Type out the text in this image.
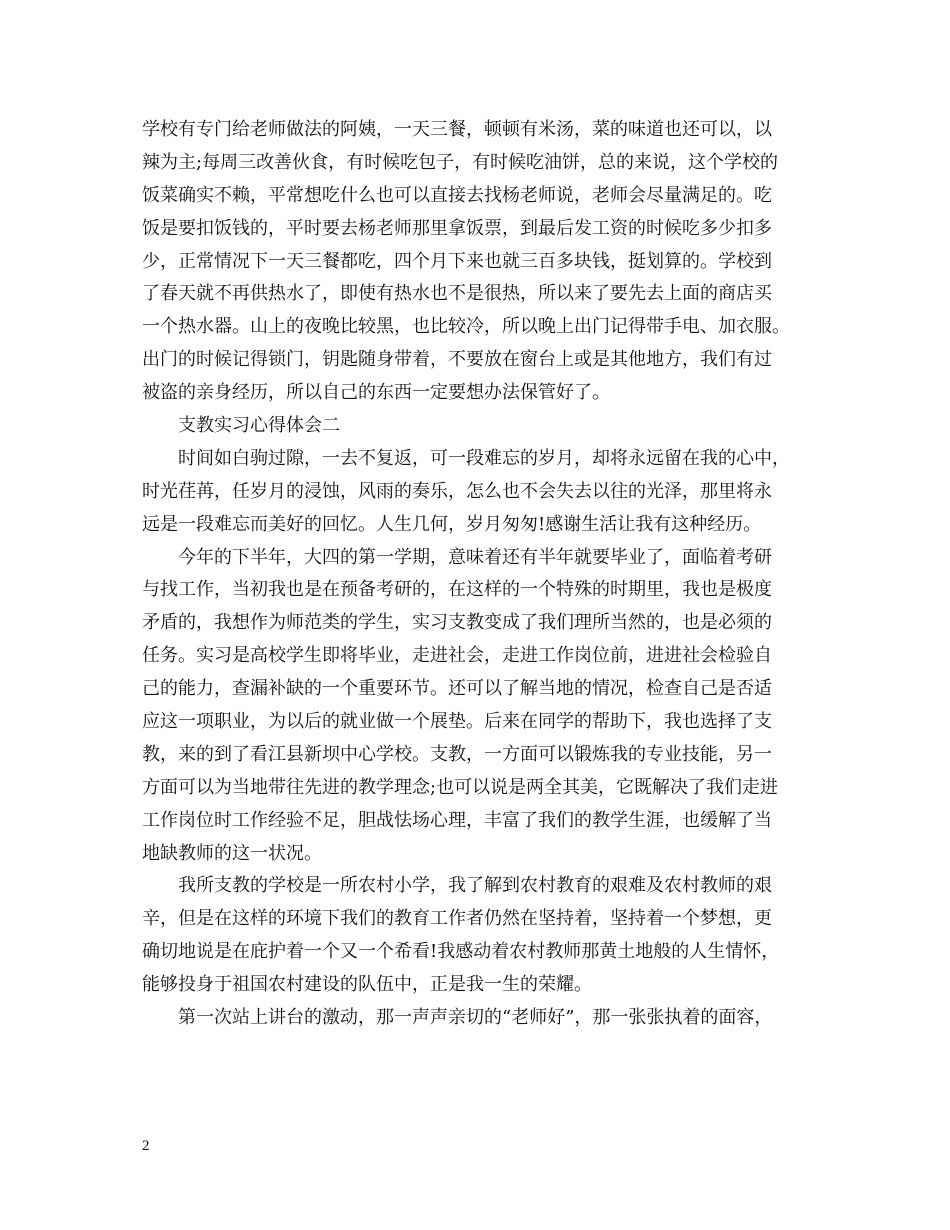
学校有专门给老师做法的阿姨，一天三餐，顿顿有米汤，菜的味道也还可以，以
辣为主;每周三改善伙食，有时候吃包子，有时候吃油饼，总的来说，这个学校的
饭菜确实不赖，平常想吃什么也可以直接去找杨老师说，老师会尽量满足的。吃
饭是要扣饭钱的，平时要去杨老师那里拿饭票，到最后发工资的时候吃多少扣多
少，正常情况下一天三餐都吃，四个月下来也就三百多块钱，挺划算的。学校到
了春天就不再供热水了，即使有热水也不是很热，所以来了要先去上面的商店买
一个热水器。山上的夜晚比较黑，也比较冷，所以晚上出门记得带手电、加衣服。
出门的时候记得锁门，钥匙随身带着，不要放在窗台上或是其他地方，我们有过
被盗的亲身经历，所以自己的东西一定要想办法保管好了。
支教实习心得体会二
时间如白驹过隙，一去不复返，可一段难忘的岁月，却将永远留在我的心中，
时光荏苒，任岁月的浸蚀，风雨的奏乐，怎么也不会失去以往的光泽，那里将永
远是一段难忘而美好的回忆。人生几何，岁月匆匆!感谢生活让我有这种经历。
今年的下半年，大四的第一学期，意味着还有半年就要毕业了，面临着考研
与找工作，当初我也是在预备考研的，在这样的一个特殊的时期里，我也是极度
矛盾的，我想作为师范类的学生，实习支教变成了我们理所当然的，也是必须的
任务。实习是高校学生即将毕业，走进社会，走进工作岗位前，进进社会检验自
己的能力，查漏补缺的一个重要环节。还可以了解当地的情况，检查自己是否适
应这一项职业，为以后的就业做一个展垫。后来在同学的帮助下，我也选择了支
教，来的到了看江县新坝中心学校。支教，一方面可以锻炼我的专业技能，另一
方面可以为当地带往先进的教学理念;也可以说是两全其美，它既解决了我们走进
工作岗位时工作经验不足，胆战怯场心理，丰富了我们的教学生涯，也缓解了当
地缺教师的这一状况。
我所支教的学校是一所农村小学，我了解到农村教育的艰难及农村教师的艰
辛，但是在这样的环境下我们的教育工作者仍然在坚持着，坚持着一个梦想，更
确切地说是在庇护着一个又一个希看!我感动着农村教师那黄土地般的人生情怀，
能够投身于祖国农村建设的队伍中，正是我一生的荣耀。
第一次站上讲台的激动，那一声声亲切的“老师好”，那一张张执着的面容，
2
